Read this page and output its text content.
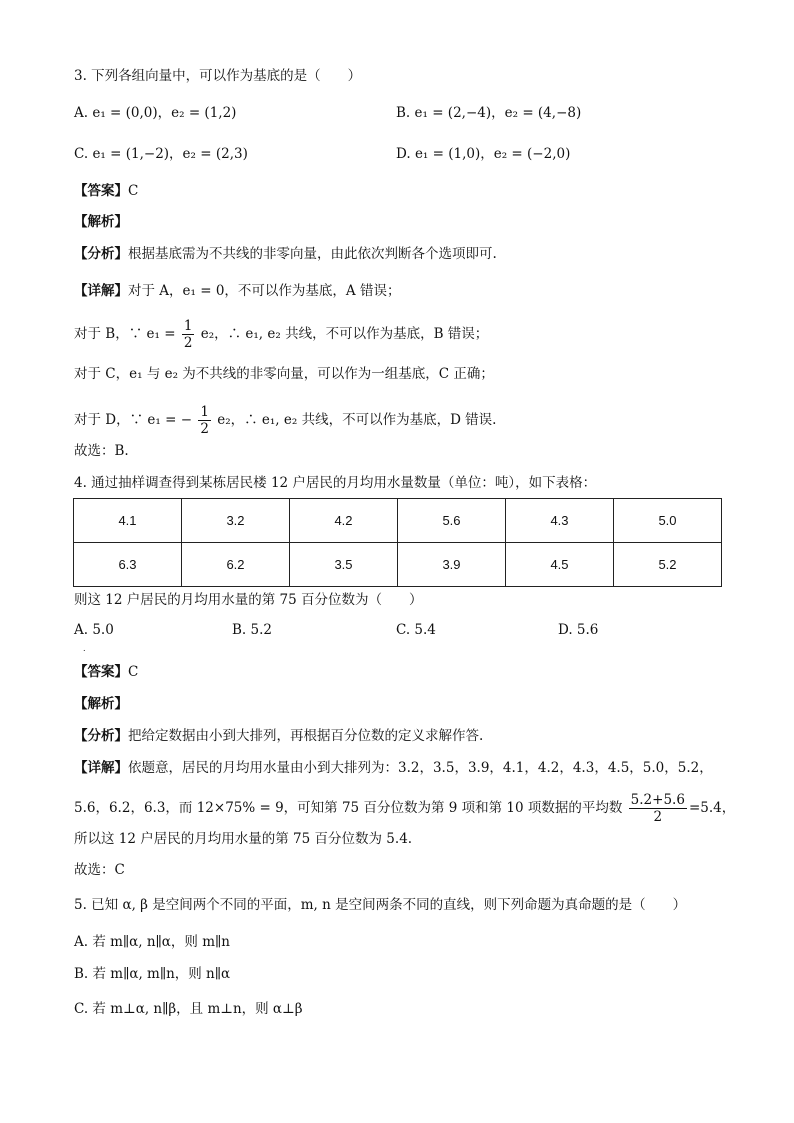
3. 下列各组向量中，可以作为基底的是（　　）
A. e₁ = (0,0)，e₂ = (1,2)	B. e₁ = (2,−4)，e₂ = (4,−8)
C. e₁ = (1,−2)，e₂ = (2,3)	D. e₁ = (1,0)，e₂ = (−2,0)
【答案】C
【解析】
【分析】根据基底需为不共线的非零向量，由此依次判断各个选项即可.
【详解】对于 A，e₁ = 0，不可以作为基底，A 错误；
对于 B，∵ $e_1 = \frac{1}{2} e_2$，∴ e₁, e₂ 共线，不可以作为基底，B 错误；
对于 C，e₁ 与 e₂ 为不共线的非零向量，可以作为一组基底，C 正确；
对于 D，∵ e₁ = − $\frac{1}{2} e_2$，∴ e₁, e₂ 共线，不可以作为基底，D 错误.
故选：B.
4. 通过抽样调查得到某栋居民楼 12 户居民的月均用水量数量（单位：吨），如下表格：
4.1	3.2	4.2	5.6	4.3	5.0
6.3	6.2	3.5	3.9	4.5	5.2
则这 12 户居民的月均用水量的第 75 百分位数为（　　）
A. 5.0	B. 5.2	C. 5.4	D. 5.6
.
【答案】C
【解析】
【分析】把给定数据由小到大排列，再根据百分位数的定义求解作答.
【详解】依题意，居民的月均用水量由小到大排列为：3.2，3.5，3.9，4.1，4.2，4.3，4.5，5.0，5.2，
5.6，6.2，6.3，而 12×75% = 9，可知第 75 百分位数为第 9 项和第 10 项数据的平均数 $\frac{5.2+5.6}{2} =5.4$，
所以这 12 户居民的月均用水量的第 75 百分位数为 5.4.
故选：C
5. 已知 α, β 是空间两个不同的平面，m, n 是空间两条不同的直线，则下列命题为真命题的是（　　）
A. 若 m∥α, n∥α，则 m∥n
B. 若 m∥α, m∥n，则 n∥α
C. 若 m⊥α, n∥β，且 m⊥n，则 α⊥β
